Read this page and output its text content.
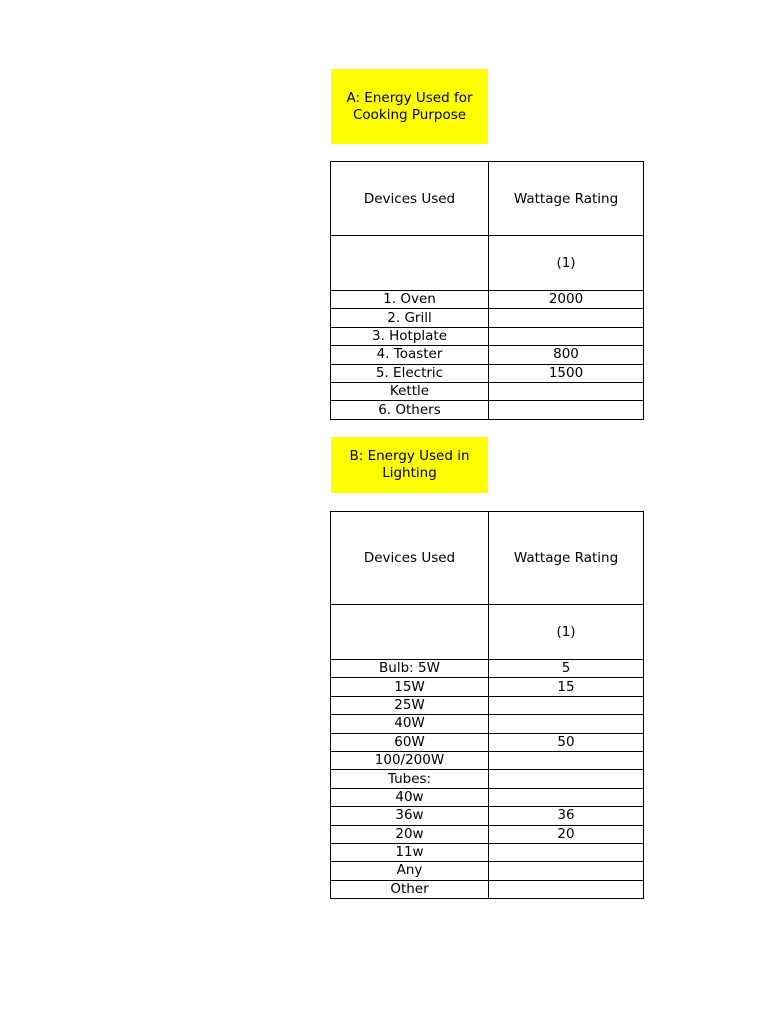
A: Energy Used for
Cooking Purpose
Devices Used	Wattage Rating
	(1)
1. Oven	2000
2. Grill	
3. Hotplate	
4. Toaster	800
5. Electric	1500
Kettle	
6. Others	
B: Energy Used in
Lighting
Devices Used	Wattage Rating
	(1)
Bulb: 5W	5
15W	15
25W	
40W	
60W	50
100/200W	
Tubes:	
40w	
36w	36
20w	20
11w	
Any	
Other	
